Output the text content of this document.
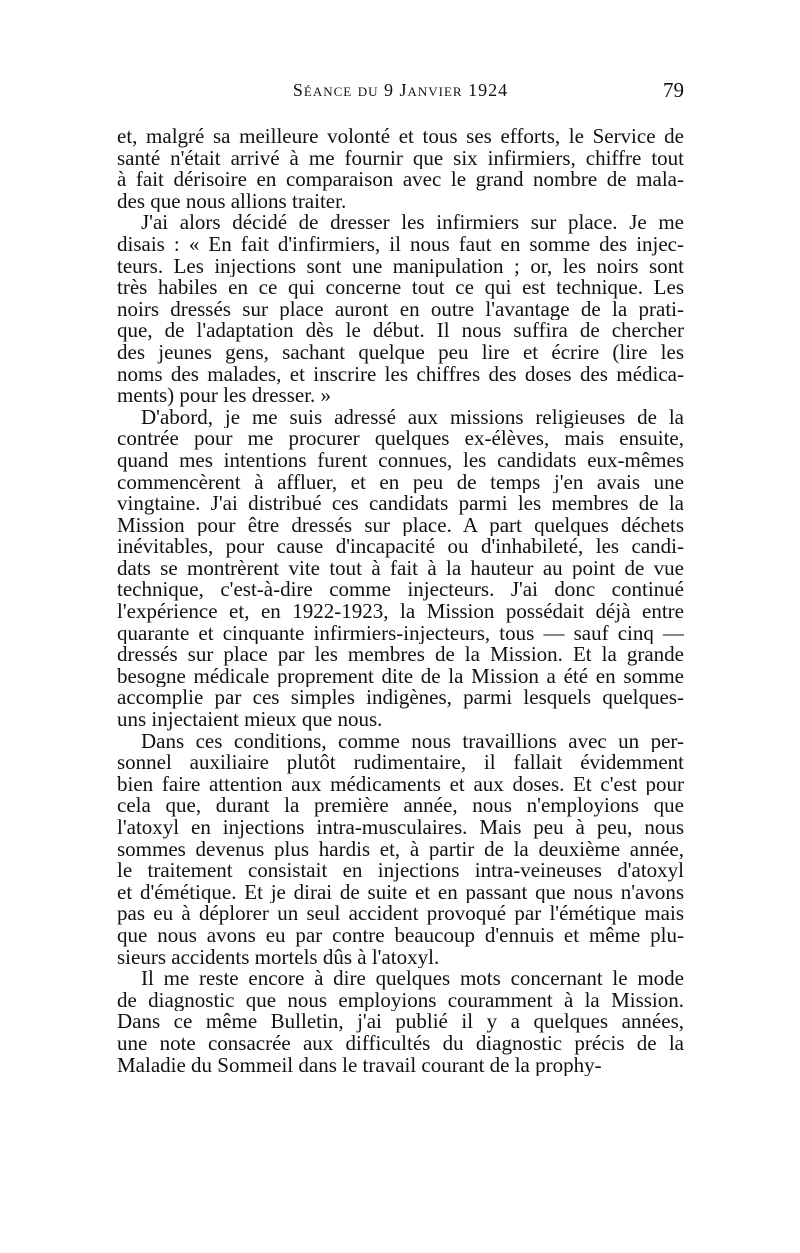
Séance du 9 Janvier 1924	79
et, malgré sa meilleure volonté et tous ses efforts, le Service de
santé n'était arrivé à me fournir que six infirmiers, chiffre tout
à fait dérisoire en comparaison avec le grand nombre de mala-
des que nous allions traiter.
J'ai alors décidé de dresser les infirmiers sur place. Je me
disais : « En fait d'infirmiers, il nous faut en somme des injec-
teurs. Les injections sont une manipulation ; or, les noirs sont
très habiles en ce qui concerne tout ce qui est technique. Les
noirs dressés sur place auront en outre l'avantage de la prati-
que, de l'adaptation dès le début. Il nous suffira de chercher
des jeunes gens, sachant quelque peu lire et écrire (lire les
noms des malades, et inscrire les chiffres des doses des médica-
ments) pour les dresser. »
D'abord, je me suis adressé aux missions religieuses de la
contrée pour me procurer quelques ex-élèves, mais ensuite,
quand mes intentions furent connues, les candidats eux-mêmes
commencèrent à affluer, et en peu de temps j'en avais une
vingtaine. J'ai distribué ces candidats parmi les membres de la
Mission pour être dressés sur place. A part quelques déchets
inévitables, pour cause d'incapacité ou d'inhabileté, les candi-
dats se montrèrent vite tout à fait à la hauteur au point de vue
technique, c'est-à-dire comme injecteurs. J'ai donc continué
l'expérience et, en 1922-1923, la Mission possédait déjà entre
quarante et cinquante infirmiers-injecteurs, tous — sauf cinq —
dressés sur place par les membres de la Mission. Et la grande
besogne médicale proprement dite de la Mission a été en somme
accomplie par ces simples indigènes, parmi lesquels quelques-
uns injectaient mieux que nous.
Dans ces conditions, comme nous travaillions avec un per-
sonnel auxiliaire plutôt rudimentaire, il fallait évidemment
bien faire attention aux médicaments et aux doses. Et c'est pour
cela que, durant la première année, nous n'employions que
l'atoxyl en injections intra-musculaires. Mais peu à peu, nous
sommes devenus plus hardis et, à partir de la deuxième année,
le traitement consistait en injections intra-veineuses d'atoxyl
et d'émétique. Et je dirai de suite et en passant que nous n'avons
pas eu à déplorer un seul accident provoqué par l'émétique mais
que nous avons eu par contre beaucoup d'ennuis et même plu-
sieurs accidents mortels dûs à l'atoxyl.
Il me reste encore à dire quelques mots concernant le mode
de diagnostic que nous employions couramment à la Mission.
Dans ce même Bulletin, j'ai publié il y a quelques années,
une note consacrée aux difficultés du diagnostic précis de la
Maladie du Sommeil dans le travail courant de la prophy-
